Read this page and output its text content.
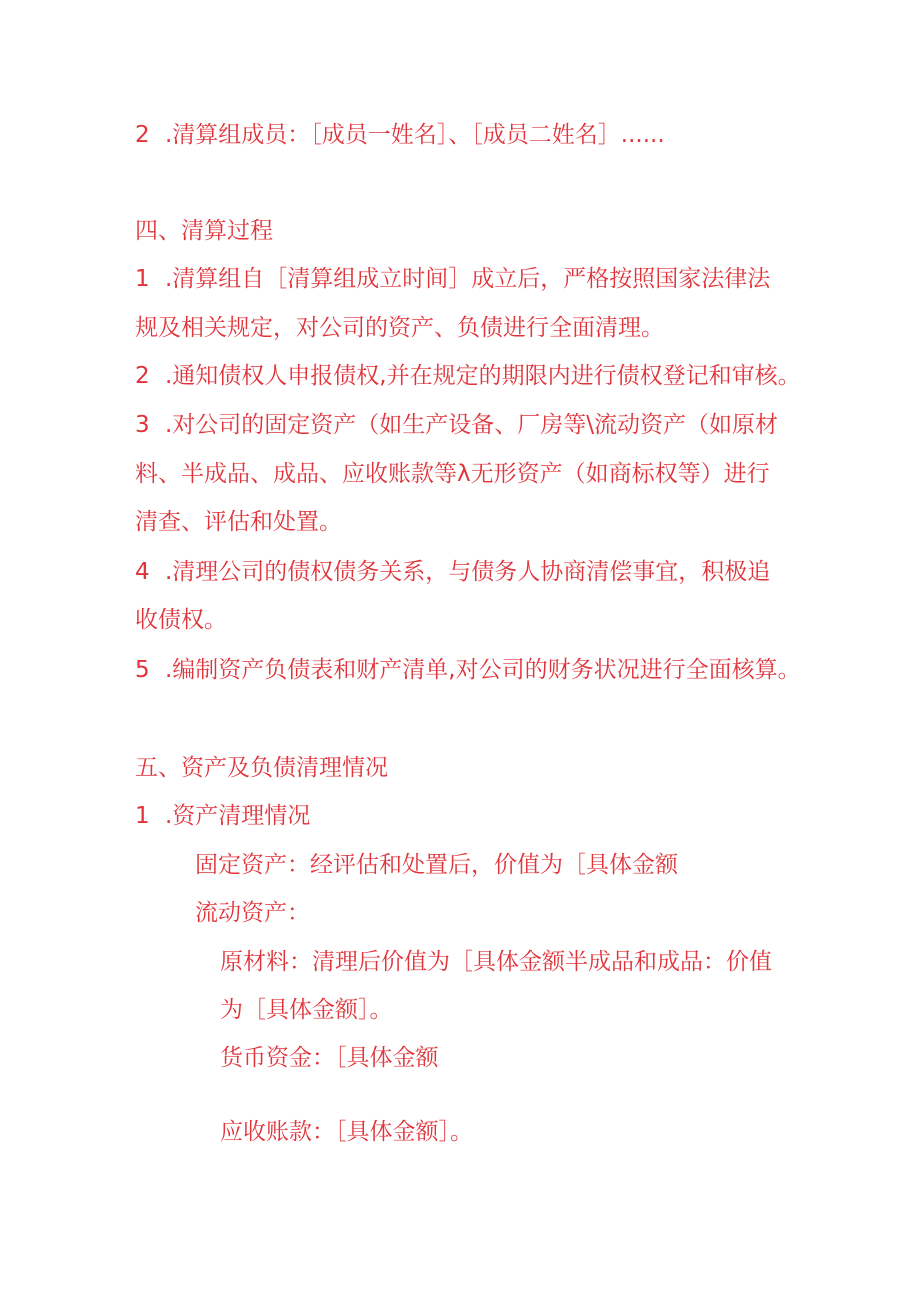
2 .清算组成员：［成员一姓名］、［成员二姓名］......
四、清算过程
1 .清算组自［清算组成立时间］成立后，严格按照国家法律法
规及相关规定，对公司的资产、负债进行全面清理。
2 .通知债权人申报债权,并在规定的期限内进行债权登记和审核。
3 .对公司的固定资产（如生产设备、厂房等\流动资产（如原材
料、半成品、成品、应收账款等λ无形资产（如商标权等）进行
清查、评估和处置。
4 .清理公司的债权债务关系，与债务人协商清偿事宜，积极追
收债权。
5 .编制资产负债表和财产清单,对公司的财务状况进行全面核算。
五、资产及负债清理情况
1 .资产清理情况
固定资产：经评估和处置后，价值为［具体金额
流动资产：
原材料：清理后价值为［具体金额半成品和成品：价值
为［具体金额］。
货币资金：［具体金额
应收账款：［具体金额］。
